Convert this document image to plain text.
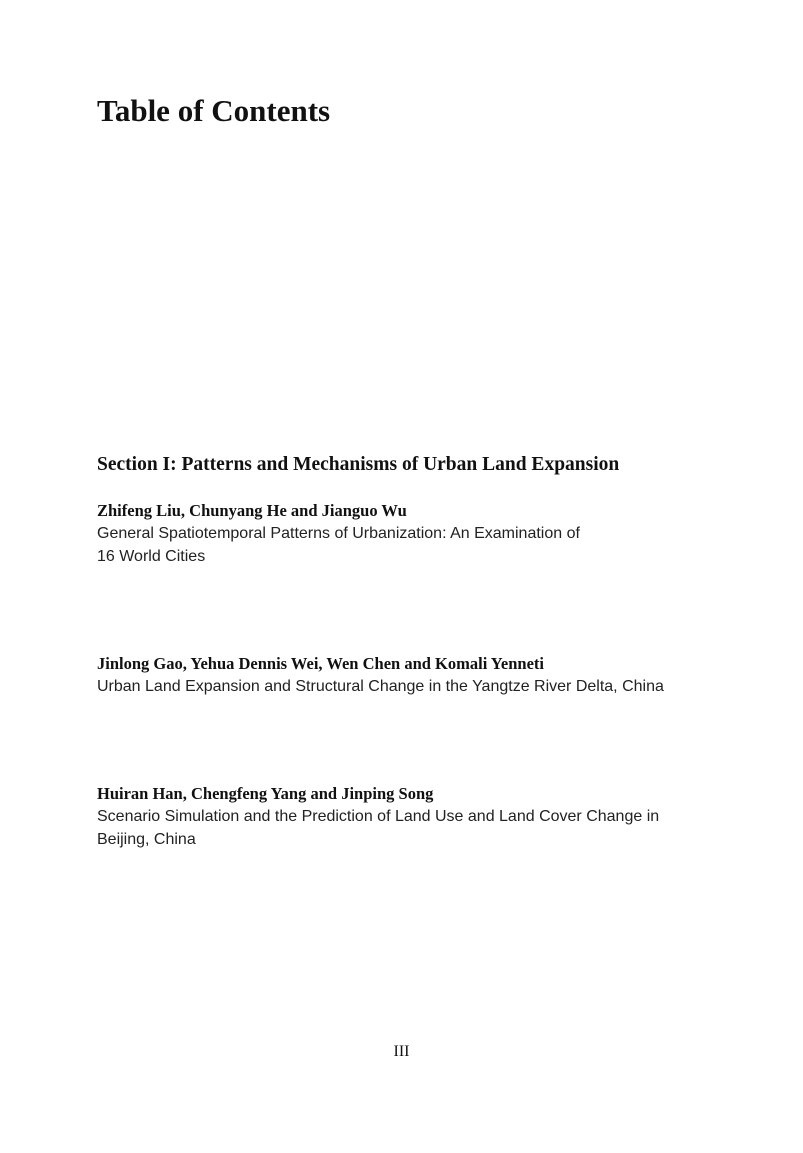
Table of Contents
Section I: Patterns and Mechanisms of Urban Land Expansion
Zhifeng Liu, Chunyang He and Jianguo Wu
General Spatiotemporal Patterns of Urbanization: An Examination of
16 World Cities
Jinlong Gao, Yehua Dennis Wei, Wen Chen and Komali Yenneti
Urban Land Expansion and Structural Change in the Yangtze River Delta, China
Huiran Han, Chengfeng Yang and Jinping Song
Scenario Simulation and the Prediction of Land Use and Land Cover Change in
Beijing, China
III
